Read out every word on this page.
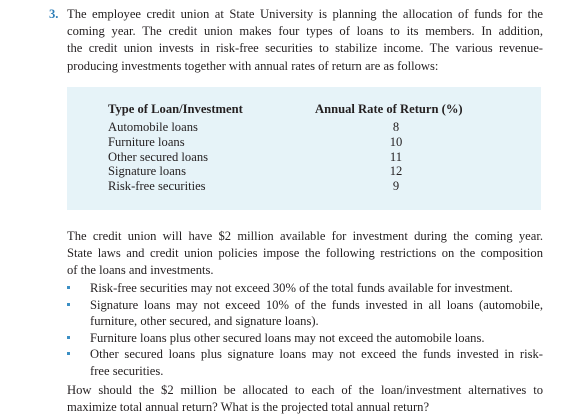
3. The employee credit union at State University is planning the allocation of funds for the
coming year. The credit union makes four types of loans to its members. In addition,
the credit union invests in risk-free securities to stabilize income. The various revenue-
producing investments together with annual rates of return are as follows:

Type of Loan/Investment	Annual Rate of Return (%)
Automobile loans
Furniture loans
Other secured loans
Signature loans
Risk-free securities
8
10
11
12
9

The credit union will have $2 million available for investment during the coming year.
State laws and credit union policies impose the following restrictions on the composition
of the loans and investments.

Risk-free securities may not exceed 30% of the total funds available for investment.
Signature loans may not exceed 10% of the funds invested in all loans (automobile,
furniture, other secured, and signature loans).
Furniture loans plus other secured loans may not exceed the automobile loans.
Other secured loans plus signature loans may not exceed the funds invested in risk-
free securities.

How should the $2 million be allocated to each of the loan/investment alternatives to
maximize total annual return? What is the projected total annual return?
